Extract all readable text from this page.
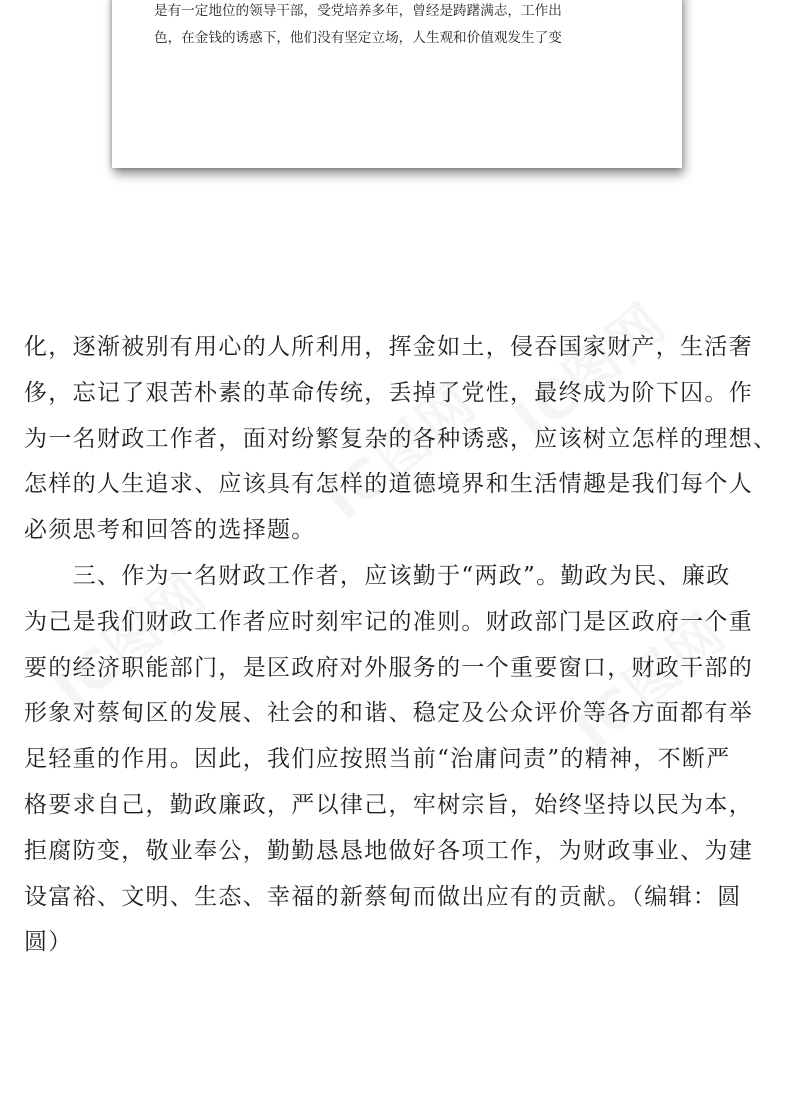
是有一定地位的领导干部，受党培养多年，曾经是踌躇满志，工作出
色，在金钱的诱惑下，他们没有坚定立场，人生观和价值观发生了变

IC图网
IC图网 IC图网
IC图网
化，逐渐被别有用心的人所利用，挥金如土，侵吞国家财产，生活奢
侈，忘记了艰苦朴素的革命传统，丢掉了党性，最终成为阶下囚。作
为一名财政工作者，面对纷繁复杂的各种诱惑，应该树立怎样的理想、
怎样的人生追求、应该具有怎样的道德境界和生活情趣是我们每个人
必须思考和回答的选择题。
　　三、作为一名财政工作者，应该勤于“两政”。勤政为民、廉政
为己是我们财政工作者应时刻牢记的准则。财政部门是区政府一个重
要的经济职能部门，是区政府对外服务的一个重要窗口，财政干部的
形象对蔡甸区的发展、社会的和谐、稳定及公众评价等各方面都有举
足轻重的作用。因此，我们应按照当前“治庸问责”的精神，不断严
格要求自己，勤政廉政，严以律己，牢树宗旨，始终坚持以民为本，
拒腐防变，敬业奉公，勤勤恳恳地做好各项工作，为财政事业、为建
设富裕、文明、生态、幸福的新蔡甸而做出应有的贡献。（编辑：圆
圆）
